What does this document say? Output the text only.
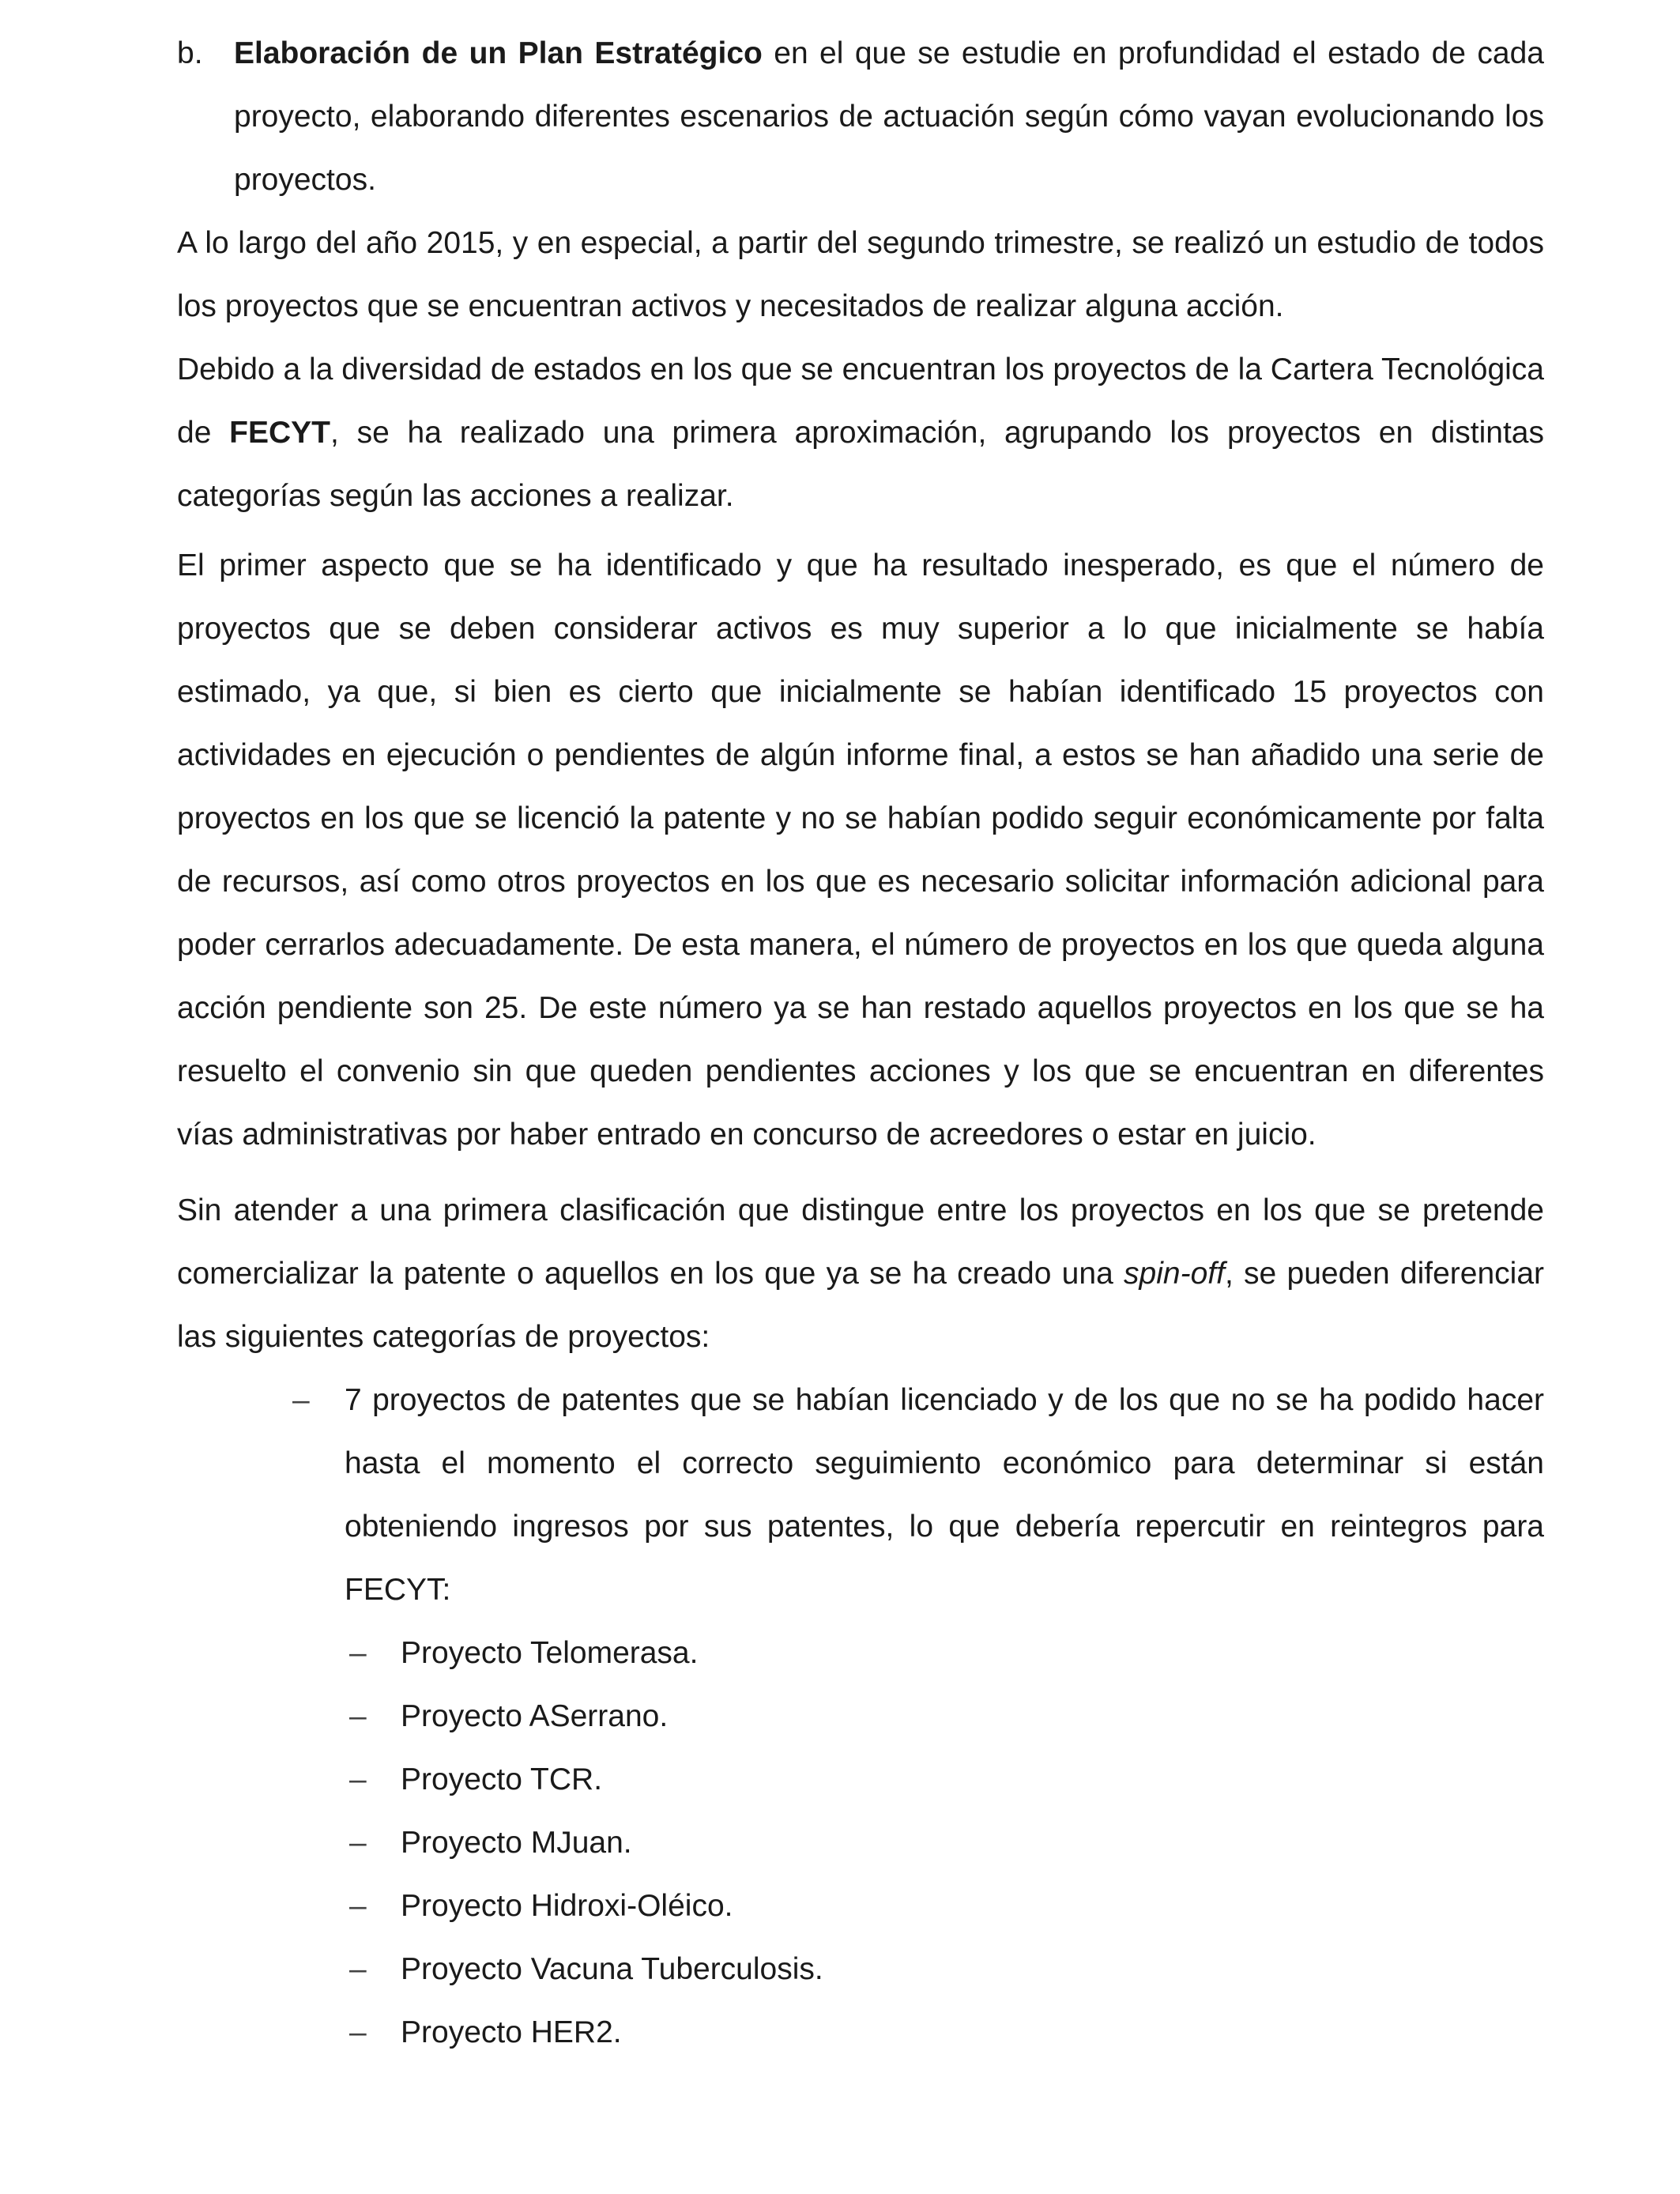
b. Elaboración de un Plan Estratégico en el que se estudie en profundidad el estado de cada proyecto, elaborando diferentes escenarios de actuación según cómo vayan evolucionando los proyectos.

A lo largo del año 2015, y en especial, a partir del segundo trimestre, se realizó un estudio de todos los proyectos que se encuentran activos y necesitados de realizar alguna acción.

Debido a la diversidad de estados en los que se encuentran los proyectos de la Cartera Tecnológica de FECYT, se ha realizado una primera aproximación, agrupando los proyectos en distintas categorías según las acciones a realizar.

El primer aspecto que se ha identificado y que ha resultado inesperado, es que el número de proyectos que se deben considerar activos es muy superior a lo que inicialmente se había estimado, ya que, si bien es cierto que inicialmente se habían identificado 15 proyectos con actividades en ejecución o pendientes de algún informe final, a estos se han añadido una serie de proyectos en los que se licenció la patente y no se habían podido seguir económicamente por falta de recursos, así como otros proyectos en los que es necesario solicitar información adicional para poder cerrarlos adecuadamente. De esta manera, el número de proyectos en los que queda alguna acción pendiente son 25. De este número ya se han restado aquellos proyectos en los que se ha resuelto el convenio sin que queden pendientes acciones y los que se encuentran en diferentes vías administrativas por haber entrado en concurso de acreedores o estar en juicio.

Sin atender a una primera clasificación que distingue entre los proyectos en los que se pretende comercializar la patente o aquellos en los que ya se ha creado una spin-off, se pueden diferenciar las siguientes categorías de proyectos:

– 7 proyectos de patentes que se habían licenciado y de los que no se ha podido hacer hasta el momento el correcto seguimiento económico para determinar si están obteniendo ingresos por sus patentes, lo que debería repercutir en reintegros para FECYT:
– Proyecto Telomerasa.
– Proyecto ASerrano.
– Proyecto TCR.
– Proyecto MJuan.
– Proyecto Hidroxi-Oléico.
– Proyecto Vacuna Tuberculosis.
– Proyecto HER2.
